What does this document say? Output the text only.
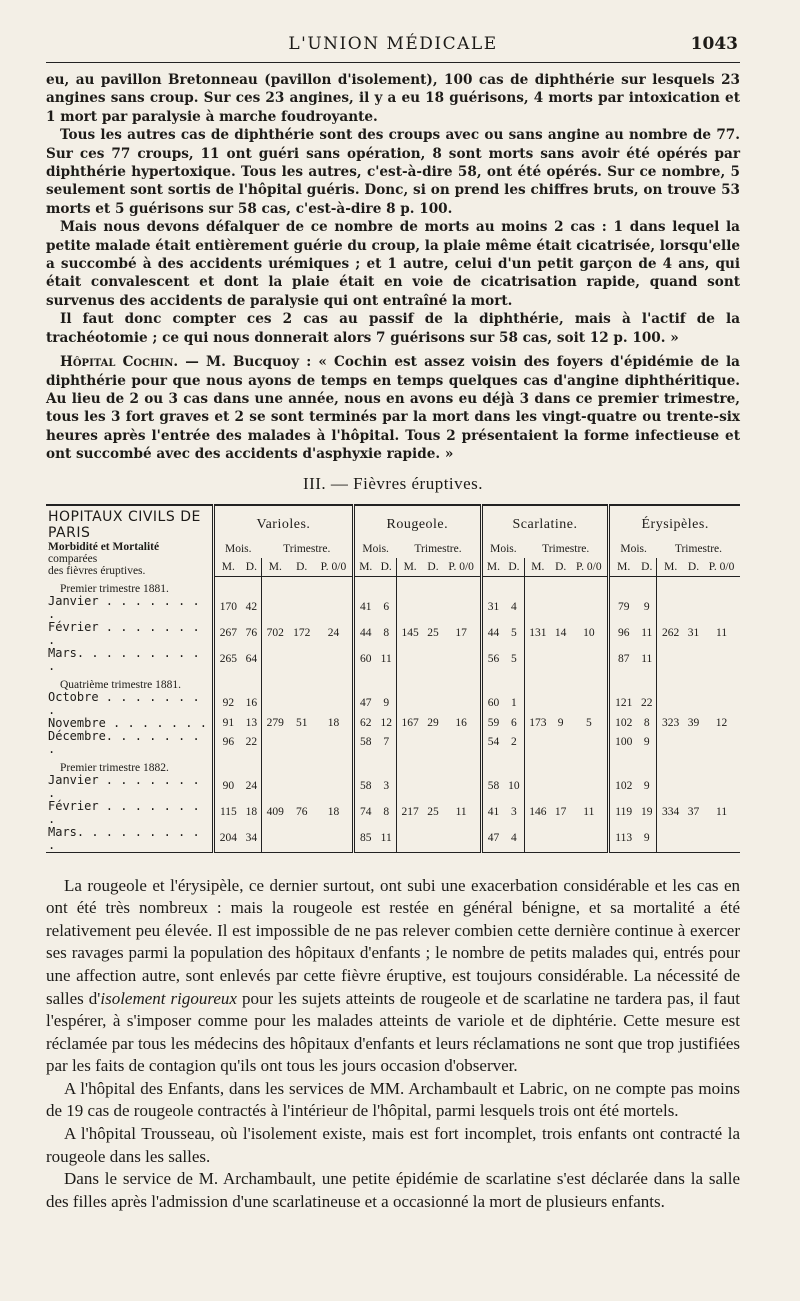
L'UNION MÉDICALE	1043

eu, au pavillon Bretonneau (pavillon d'isolement), 100 cas de diphthérie sur lesquels 23 angines sans croup. Sur ces 23 angines, il y a eu 18 guérisons, 4 morts par intoxication et 1 mort par paralysie à marche foudroyante.

Tous les autres cas de diphthérie sont des croups avec ou sans angine au nombre de 77. Sur ces 77 croups, 11 ont guéri sans opération, 8 sont morts sans avoir été opérés par diphthérie hypertoxique. Tous les autres, c'est-à-dire 58, ont été opérés. Sur ce nombre, 5 seulement sont sortis de l'hôpital guéris. Donc, si on prend les chiffres bruts, on trouve 53 morts et 5 guérisons sur 58 cas, c'est-à-dire 8 p. 100.

Mais nous devons défalquer de ce nombre de morts au moins 2 cas : 1 dans lequel la petite malade était entièrement guérie du croup, la plaie même était cicatrisée, lorsqu'elle a succombé à des accidents urémiques ; et 1 autre, celui d'un petit garçon de 4 ans, qui était convalescent et dont la plaie était en voie de cicatrisation rapide, quand sont survenus des accidents de paralysie qui ont entraîné la mort.

Il faut donc compter ces 2 cas au passif de la diphthérie, mais à l'actif de la trachéotomie ; ce qui nous donnerait alors 7 guérisons sur 58 cas, soit 12 p. 100. »

Hôpital Cochin. — M. Bucquoy : « Cochin est assez voisin des foyers d'épidémie de la diphthérie pour que nous ayons de temps en temps quelques cas d'angine diphthéritique. Au lieu de 2 ou 3 cas dans une année, nous en avons eu déjà 3 dans ce premier trimestre, tous les 3 fort graves et 2 se sont terminés par la mort dans les vingt-quatre ou trente-six heures après l'entrée des malades à l'hôpital. Tous 2 présentaient la forme infectieuse et ont succombé avec des accidents d'asphyxie rapide. »

III. — Fièvres éruptives.
HOPITAUX CIVILS DE PARIS	Varioles.					Rougeole.					Scarlatine.					Érysipèles.				

Morbidité et Mortalité
comparées
des fièvres éruptives.	Mois.		Trimestre.			Mois.		Trimestre.			Mois.		Trimestre.			Mois.		Trimestre.		
	M.	D.	M.	D.	P. 0/0	M.	D.	M.	D.	P. 0/0	M.	D.	M.	D.	P. 0/0	M.	D.	M.	D.	P. 0/0
Premier trimestre 1881.																				
Janvier . . . . . . . .	170	42				41	6				31	4				79	9			
Février . . . . . . . .	267	76	702	172	24	44	8	145	25	17	44	5	131	14	10	96	11	262	31	11
Mars. . . . . . . . . .	265	64				60	11				56	5				87	11			
Quatrième trimestre 1881.																				
Octobre . . . . . . . .	92	16				47	9				60	1				121	22			
Novembre . . . . . . .	91	13	279	51	18	62	12	167	29	16	59	6	173	9	5	102	8	323	39	12
Décembre. . . . . . . .	96	22				58	7				54	2				100	9			
Premier trimestre 1882.																				
Janvier . . . . . . . .	90	24				58	3				58	10				102	9			
Février . . . . . . . .	115	18	409	76	18	74	8	217	25	11	41	3	146	17	11	119	19	334	37	11
Mars. . . . . . . . . .	204	34				85	11				47	4				113	9			

La rougeole et l'érysipèle, ce dernier surtout, ont subi une exacerbation considérable et les cas en ont été très nombreux : mais la rougeole est restée en général bénigne, et sa mortalité a été relativement peu élevée. Il est impossible de ne pas relever combien cette dernière continue à exercer ses ravages parmi la population des hôpitaux d'enfants ; le nombre de petits malades qui, entrés pour une affection autre, sont enlevés par cette fièvre éruptive, est toujours considérable. La nécessité de salles d'isolement rigoureux pour les sujets atteints de rougeole et de scarlatine ne tardera pas, il faut l'espérer, à s'imposer comme pour les malades atteints de variole et de diphtérie. Cette mesure est réclamée par tous les médecins des hôpitaux d'enfants et leurs réclamations ne sont que trop justifiées par les faits de contagion qu'ils ont tous les jours occasion d'observer.

A l'hôpital des Enfants, dans les services de MM. Archambault et Labric, on ne compte pas moins de 19 cas de rougeole contractés à l'intérieur de l'hôpital, parmi lesquels trois ont été mortels.

A l'hôpital Trousseau, où l'isolement existe, mais est fort incomplet, trois enfants ont contracté la rougeole dans les salles.

Dans le service de M. Archambault, une petite épidémie de scarlatine s'est déclarée dans la salle des filles après l'admission d'une scarlatineuse et a occasionné la mort de plusieurs enfants.
